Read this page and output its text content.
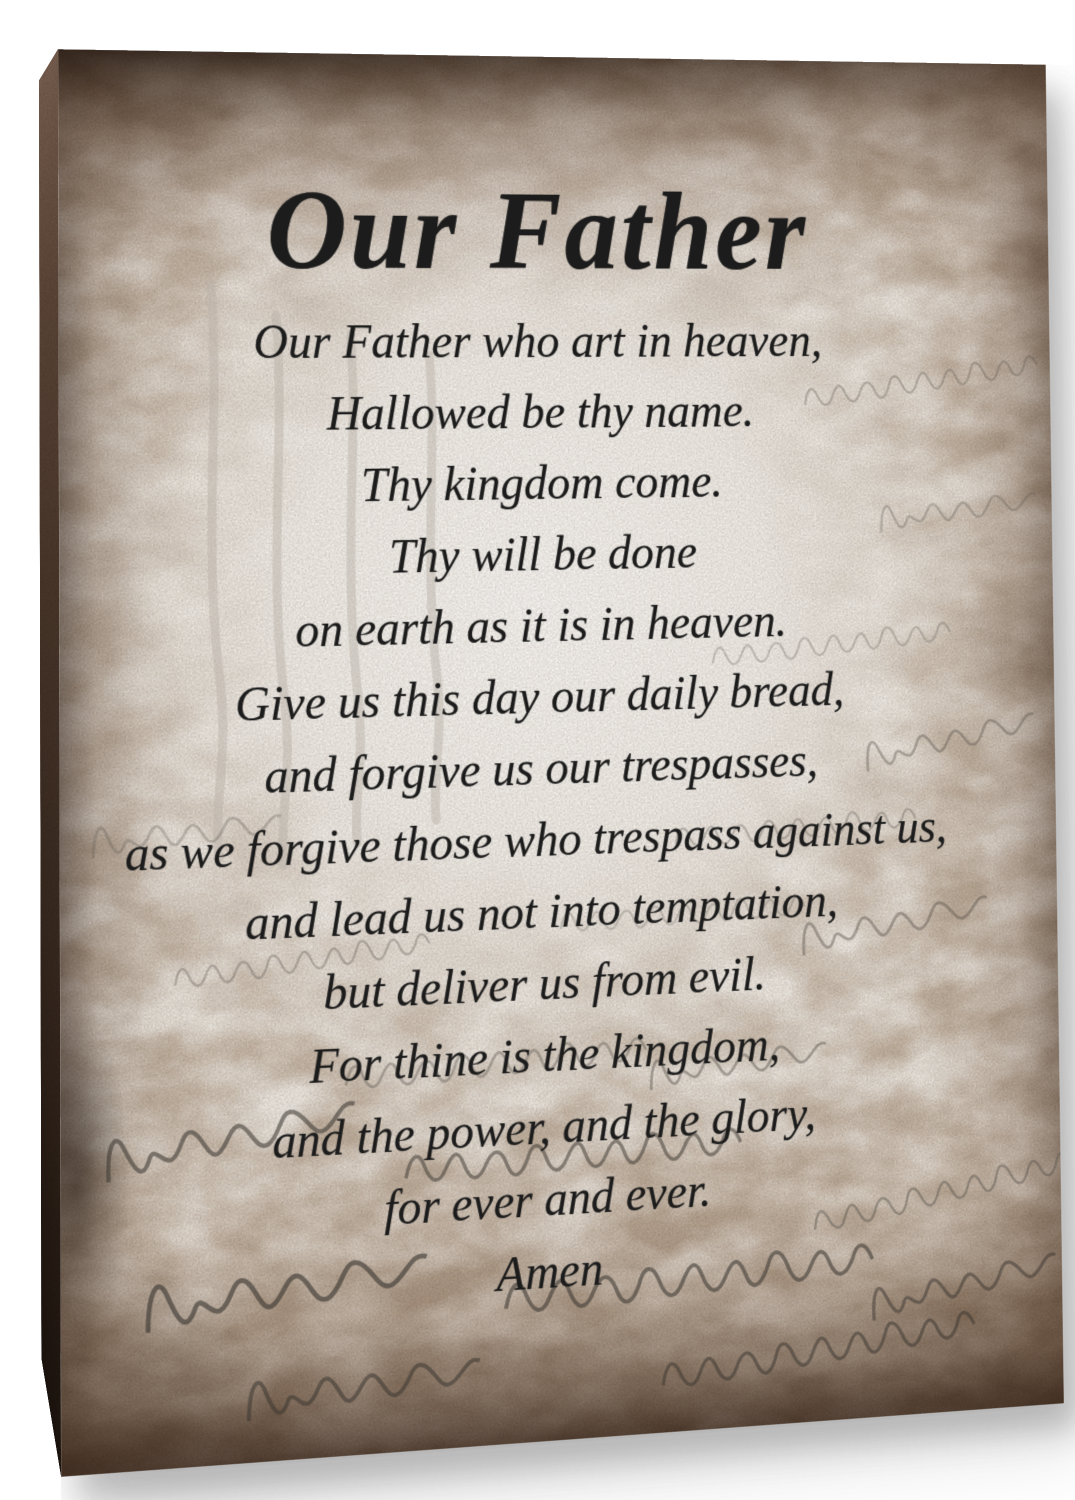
Our Father
Our Father who art in heaven,
Hallowed be thy name.
Thy kingdom come.
Thy will be done
on earth as it is in heaven.
Give us this day our daily bread,
and forgive us our trespasses,
as we forgive those who trespass against us,
and lead us not into temptation,
but deliver us from evil.
For thine is the kingdom,
and the power, and the glory,
for ever and ever.
Amen
